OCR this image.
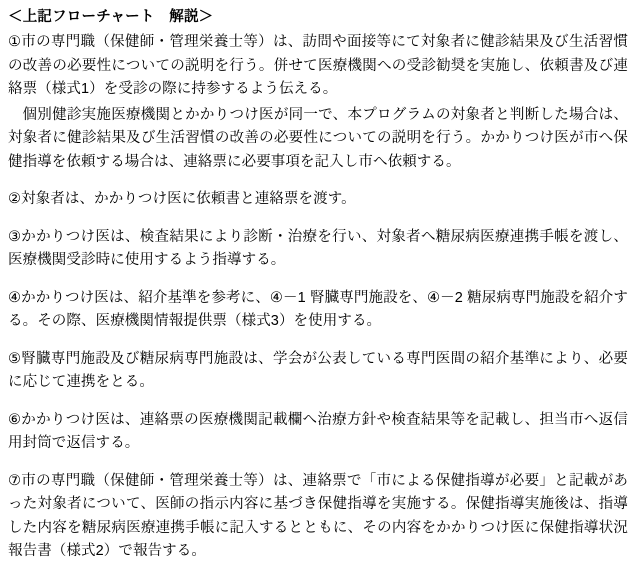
＜上記フローチャート　解説＞

①市の専門職（保健師・管理栄養士等）は、訪問や面接等にて対象者に健診結果及び生活習慣の改善の必要性についての説明を行う。併せて医療機関への受診勧奨を実施し、依頼書及び連絡票（様式1）を受診の際に持参するよう伝える。

個別健診実施医療機関とかかりつけ医が同一で、本プログラムの対象者と判断した場合は、対象者に健診結果及び生活習慣の改善の必要性についての説明を行う。かかりつけ医が市へ保健指導を依頼する場合は、連絡票に必要事項を記入し市へ依頼する。

②対象者は、かかりつけ医に依頼書と連絡票を渡す。

③かかりつけ医は、検査結果により診断・治療を行い、対象者へ糖尿病医療連携手帳を渡し、医療機関受診時に使用するよう指導する。

④かかりつけ医は、紹介基準を参考に、④－1 腎臓専門施設を、④－2 糖尿病専門施設を紹介する。その際、医療機関情報提供票（様式3）を使用する。

⑤腎臓専門施設及び糖尿病専門施設は、学会が公表している専門医間の紹介基準により、必要に応じて連携をとる。

⑥かかりつけ医は、連絡票の医療機関記載欄へ治療方針や検査結果等を記載し、担当市へ返信用封筒で返信する。

⑦市の専門職（保健師・管理栄養士等）は、連絡票で「市による保健指導が必要」と記載があった対象者について、医師の指示内容に基づき保健指導を実施する。保健指導実施後は、指導した内容を糖尿病医療連携手帳に記入するとともに、その内容をかかりつけ医に保健指導状況報告書（様式2）で報告する。
